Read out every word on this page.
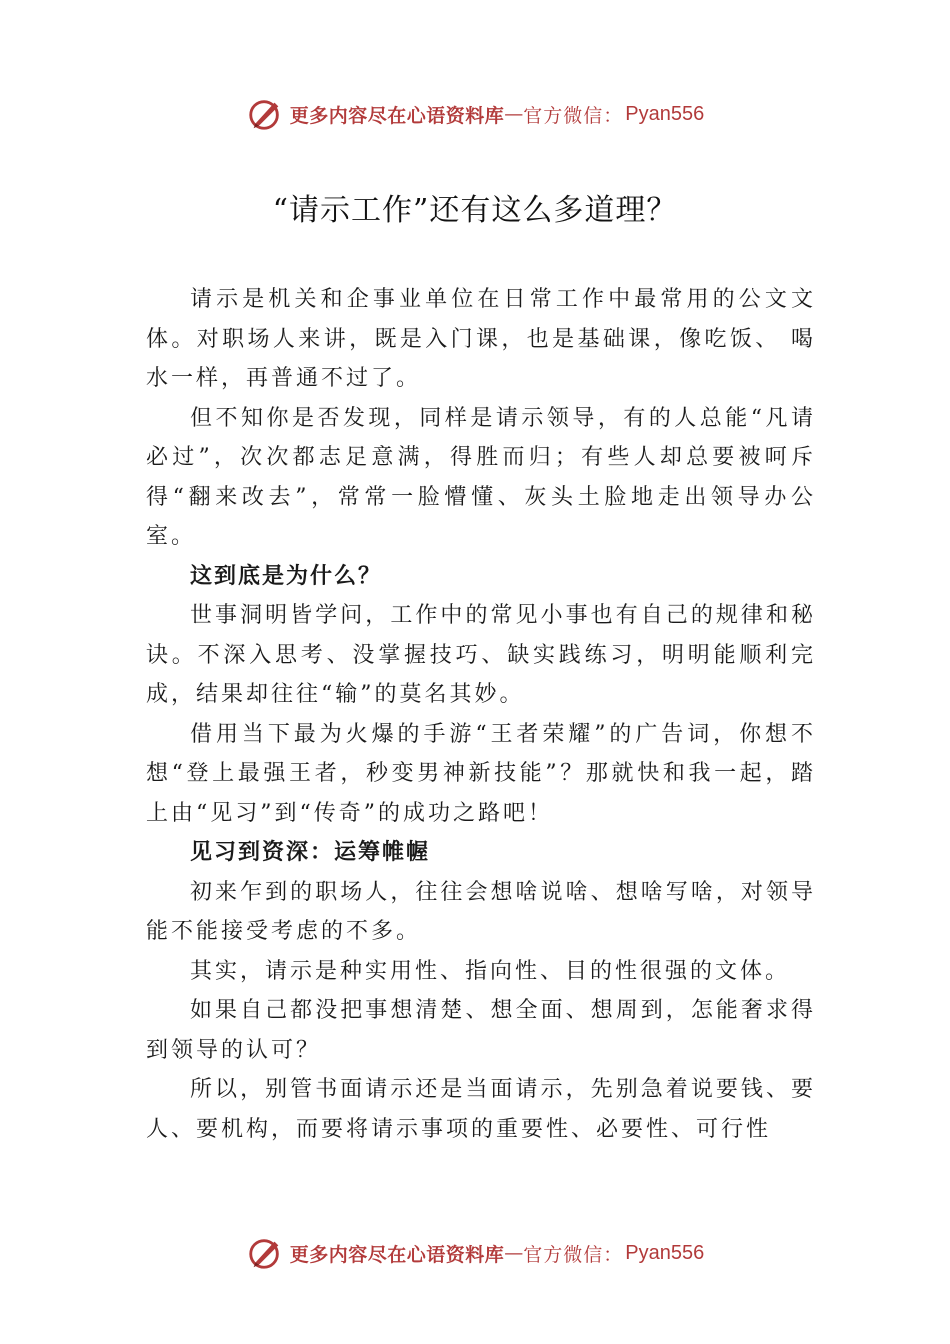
更多内容尽在心语资料库 — 官方微信： Pyan556
“请示工作”还有这么多道理？

请示是机关和企事业单位在日常工作中最常用的公文文体。对职场人来讲，既是入门课，也是基础课，像吃饭、 喝水一样，再普通不过了。

但不知你是否发现，同样是请示领导，有的人总能“凡请必过”，次次都志足意满，得胜而归；有些人却总要被呵斥得“翻来改去”，常常一脸懵懂、灰头土脸地走出领导办公室。

这到底是为什么？

世事洞明皆学问，工作中的常见小事也有自己的规律和秘诀。不深入思考、没掌握技巧、缺实践练习，明明能顺利完成，结果却往往“输”的莫名其妙。

借用当下最为火爆的手游“王者荣耀”的广告词，你想不想“登上最强王者，秒变男神新技能”？那就快和我一起，踏上由“见习”到“传奇”的成功之路吧！

见习到资深：运筹帷幄

初来乍到的职场人，往往会想啥说啥、想啥写啥，对领导能不能接受考虑的不多。

其实，请示是种实用性、指向性、目的性很强的文体。

如果自己都没把事想清楚、想全面、想周到，怎能奢求得到领导的认可？

所以，别管书面请示还是当面请示，先别急着说要钱、要人、要机构，而要将请示事项的重要性、必要性、可行性

更多内容尽在心语资料库 — 官方微信： Pyan556
